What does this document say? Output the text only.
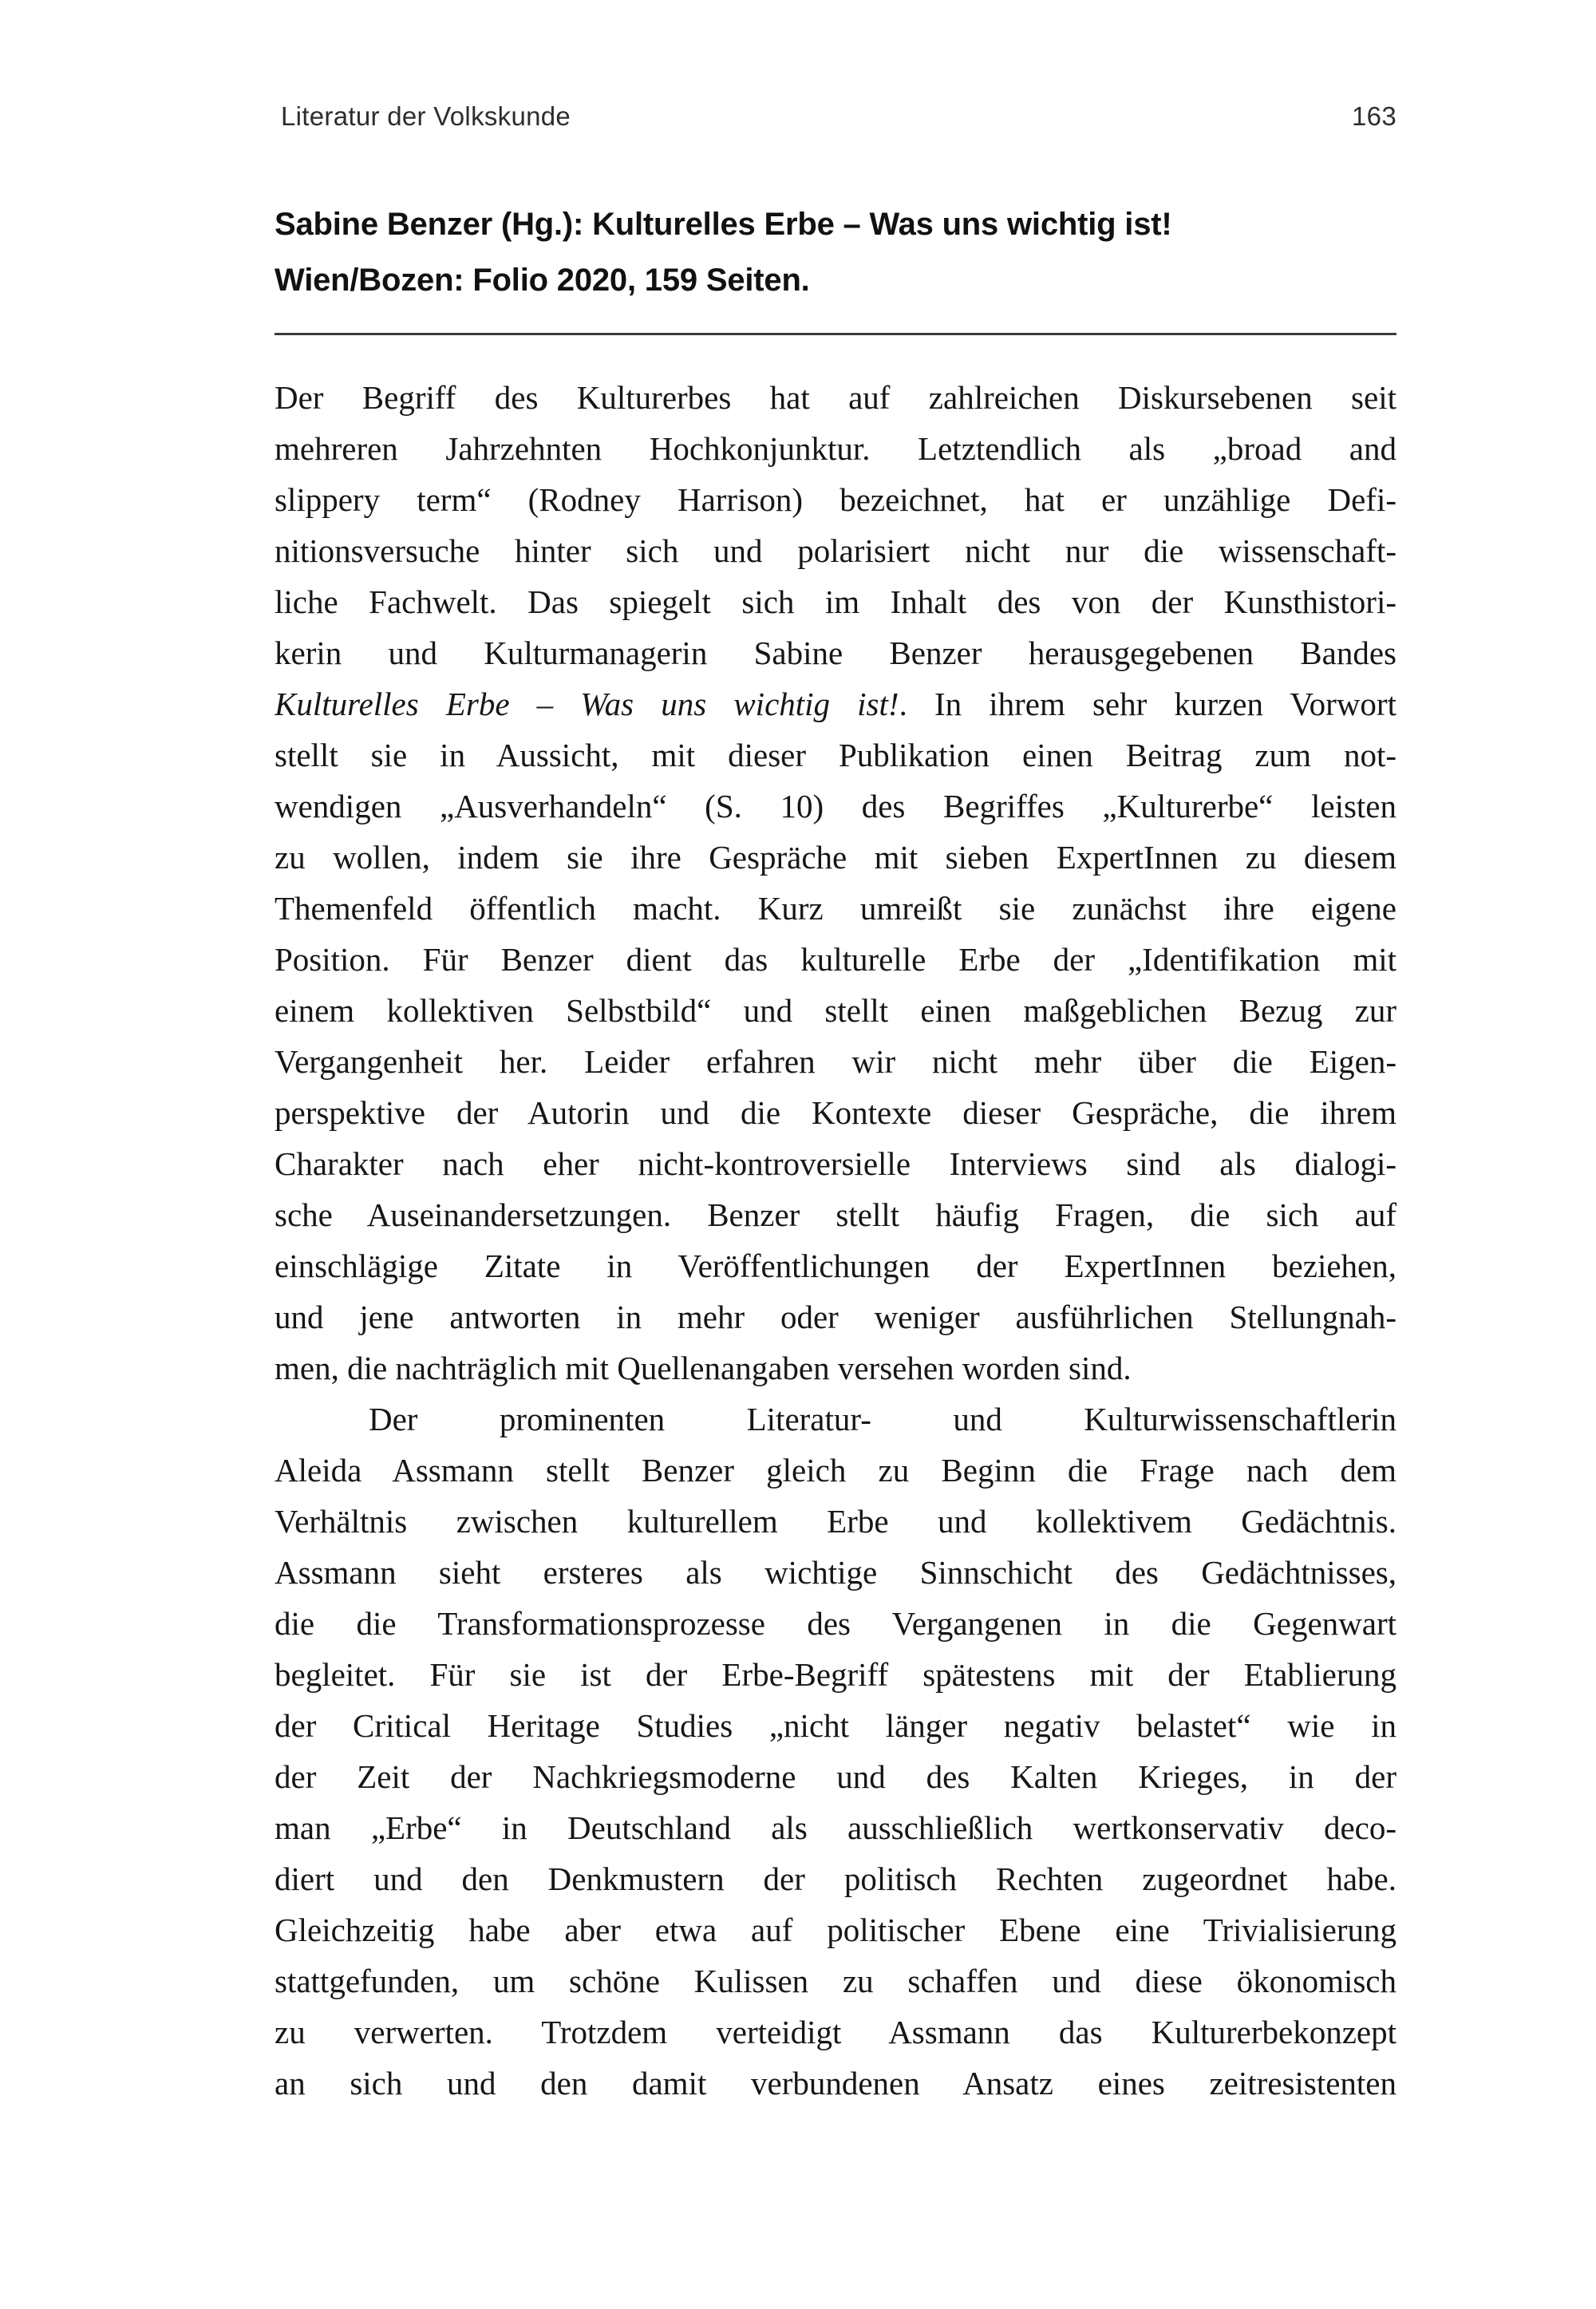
Literatur der Volkskunde	163
Sabine Benzer (Hg.): Kulturelles Erbe – Was uns wichtig ist!
Wien/Bozen: Folio 2020, 159 Seiten.
Der Begriff des Kulturerbes hat auf zahlreichen Diskursebenen seit
mehreren Jahrzehnten Hochkonjunktur. Letztendlich als „broad and
slippery term“ (Rodney Harrison) bezeichnet, hat er unzählige Defi-
nitionsversuche hinter sich und polarisiert nicht nur die wissenschaft-
liche Fachwelt. Das spiegelt sich im Inhalt des von der Kunsthistori-
kerin und Kulturmanagerin Sabine Benzer herausgegebenen Bandes
Kulturelles Erbe – Was uns wichtig ist!. In ihrem sehr kurzen Vorwort
stellt sie in Aussicht, mit dieser Publikation einen Beitrag zum not-
wendigen „Ausverhandeln“ (S. 10) des Begriffes „Kulturerbe“ leisten
zu wollen, indem sie ihre Gespräche mit sieben ExpertInnen zu diesem
Themenfeld öffentlich macht. Kurz umreißt sie zunächst ihre eigene
Position. Für Benzer dient das kulturelle Erbe der „Identifikation mit
einem kollektiven Selbstbild“ und stellt einen maßgeblichen Bezug zur
Vergangenheit her. Leider erfahren wir nicht mehr über die Eigen-
perspektive der Autorin und die Kontexte dieser Gespräche, die ihrem
Charakter nach eher nicht-kontroversielle Interviews sind als dialogi-
sche Auseinandersetzungen. Benzer stellt häufig Fragen, die sich auf
einschlägige Zitate in Veröffentlichungen der ExpertInnen beziehen,
und jene antworten in mehr oder weniger ausführlichen Stellungnah-
men, die nachträglich mit Quellenangaben versehen worden sind.
Der prominenten Literatur- und Kulturwissenschaftlerin
Aleida Assmann stellt Benzer gleich zu Beginn die Frage nach dem
Verhältnis zwischen kulturellem Erbe und kollektivem Gedächtnis.
Assmann sieht ersteres als wichtige Sinnschicht des Gedächtnisses,
die die Transformationsprozesse des Vergangenen in die Gegenwart
begleitet. Für sie ist der Erbe-Begriff spätestens mit der Etablierung
der Critical Heritage Studies „nicht länger negativ belastet“ wie in
der Zeit der Nachkriegsmoderne und des Kalten Krieges, in der
man „Erbe“ in Deutschland als ausschließlich wertkonservativ deco-
diert und den Denkmustern der politisch Rechten zugeordnet habe.
Gleichzeitig habe aber etwa auf politischer Ebene eine Trivialisierung
stattgefunden, um schöne Kulissen zu schaffen und diese ökonomisch
zu verwerten. Trotzdem verteidigt Assmann das Kulturerbekonzept
an sich und den damit verbundenen Ansatz eines zeitresistenten
